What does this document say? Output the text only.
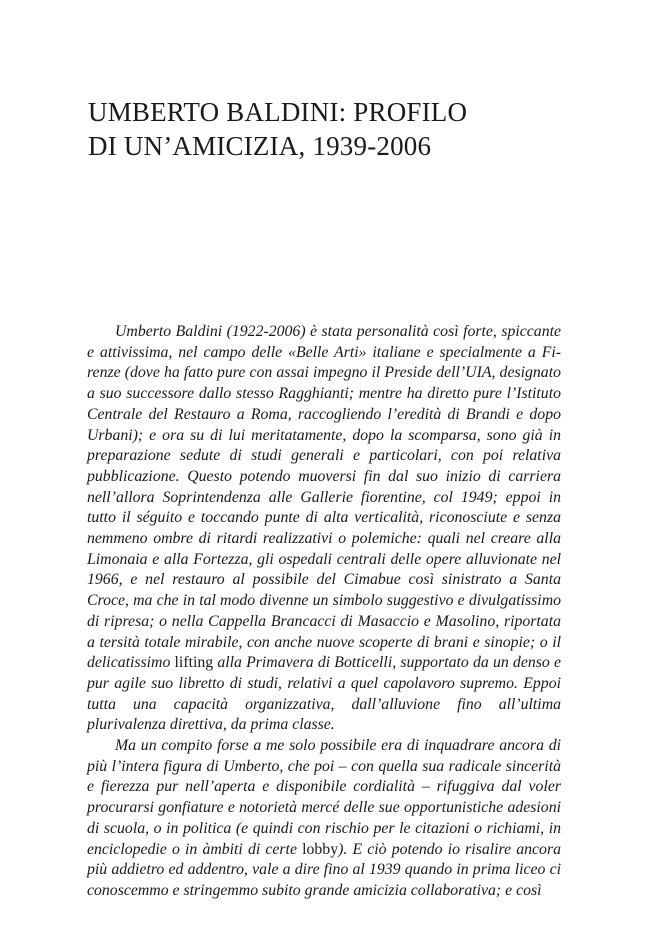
UMBERTO BALDINI: PROFILO
DI UN’AMICIZIA, 1939-2006

Umberto Baldini (1922-2006) è stata personalità così forte, spiccante e attivissima, nel campo delle «Belle Arti» italiane e specialmente a Firenze (dove ha fatto pure con assai impegno il Preside dell’UIA, designato a suo successore dallo stesso Ragghianti; mentre ha diretto pure l’Istituto Centrale del Restauro a Roma, raccogliendo l’eredità di Brandi e dopo Urbani); e ora su di lui meritatamente, dopo la scomparsa, sono già in preparazione sedute di studi generali e particolari, con poi relativa pubblicazione. Questo potendo muoversi fin dal suo inizio di carriera nell’allora Soprintendenza alle Gallerie fiorentine, col 1949; eppoi in tutto il séguito e toccando punte di alta verticalità, riconosciute e senza nemmeno ombre di ritardi realizzativi o polemiche: quali nel creare alla Limonaia e alla Fortezza, gli ospedali centrali delle opere alluvionate nel 1966, e nel restauro al possibile del Cimabue così sinistrato a Santa Croce, ma che in tal modo divenne un simbolo suggestivo e divulgatissimo di ripresa; o nella Cappella Brancacci di Masaccio e Masolino, riportata a tersità totale mirabile, con anche nuove scoperte di brani e sinopie; o il delicatissimo lifting alla Primavera di Botticelli, supportato da un denso e pur agile suo libretto di studi, relativi a quel capolavoro supremo. Eppoi tutta una capacità organizzativa, dall’alluvione fino all’ultima plurivalenza direttiva, da prima classe.

Ma un compito forse a me solo possibile era di inquadrare ancora di più l’intera figura di Umberto, che poi – con quella sua radicale sincerità e fierezza pur nell’aperta e disponibile cordialità – rifuggiva dal voler procurarsi gonfiature e notorietà mercé delle sue opportunistiche adesioni di scuola, o in politica (e quindi con rischio per le citazioni o richiami, in enciclopedie o in àmbiti di certe lobby). E ciò potendo io risalire ancora più addietro ed addentro, vale a dire fino al 1939 quando in prima liceo ci conoscemmo e stringemmo subito grande amicizia collaborativa; e così
